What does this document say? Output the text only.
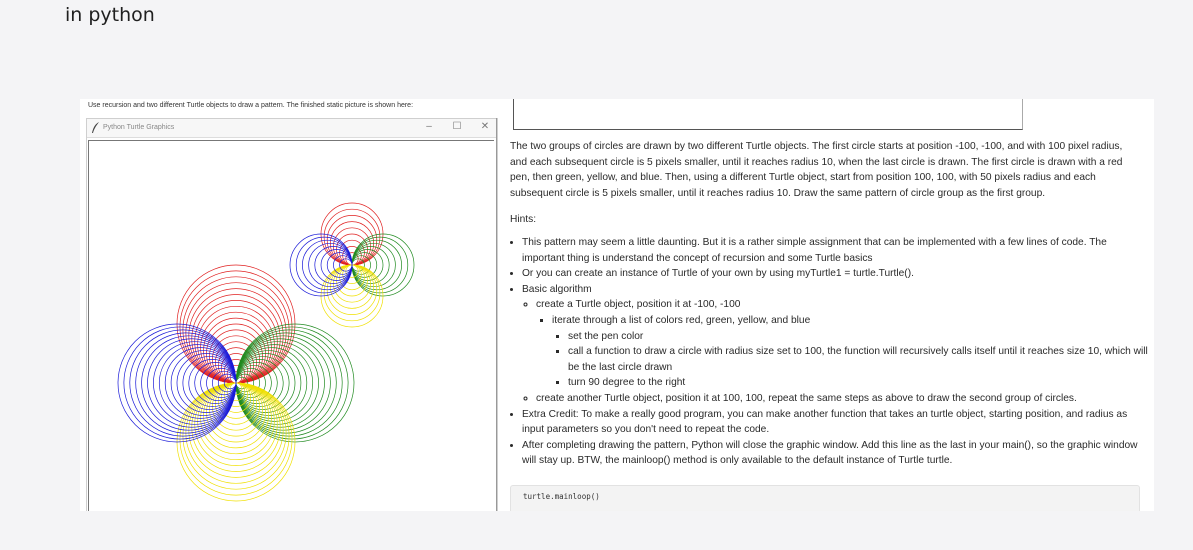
in python
Use recursion and two different Turtle objects to draw a pattern. The finished static picture is shown here:
Python Turtle Graphics	–	☐ ✕

The two groups of circles are drawn by two different Turtle objects. The first circle starts at position -100, -100, and with 100 pixel radius, and each subsequent circle is 5 pixels smaller, until it reaches radius 10, when the last circle is drawn. The first circle is drawn with a red pen, then green, yellow, and blue. Then, using a different Turtle object, start from position 100, 100, with 50 pixels radius and each subsequent circle is 5 pixels smaller, until it reaches radius 10. Draw the same pattern of circle group as the first group.

Hints:
• This pattern may seem a little daunting. But it is a rather simple assignment that can be implemented with a few lines of code. The important thing is understand the concept of recursion and some Turtle basics
• Or you can create an instance of Turtle of your own by using myTurtle1 = turtle.Turtle().
• Basic algorithm
◦ create a Turtle object, position it at -100, -100
▪ iterate through a list of colors red, green, yellow, and blue
▪ set the pen color
▪ call a function to draw a circle with radius size set to 100, the function will recursively calls itself until it reaches size 10, which will be the last circle drawn
▪ turn 90 degree to the right
◦ create another Turtle object, position it at 100, 100, repeat the same steps as above to draw the second group of circles.
• Extra Credit: To make a really good program, you can make another function that takes an turtle object, starting position, and radius as input parameters so you don't need to repeat the code.
• After completing drawing the pattern, Python will close the graphic window. Add this line as the last in your main(), so the graphic window will stay up. BTW, the mainloop() method is only available to the default instance of Turtle turtle.
turtle.mainloop()
